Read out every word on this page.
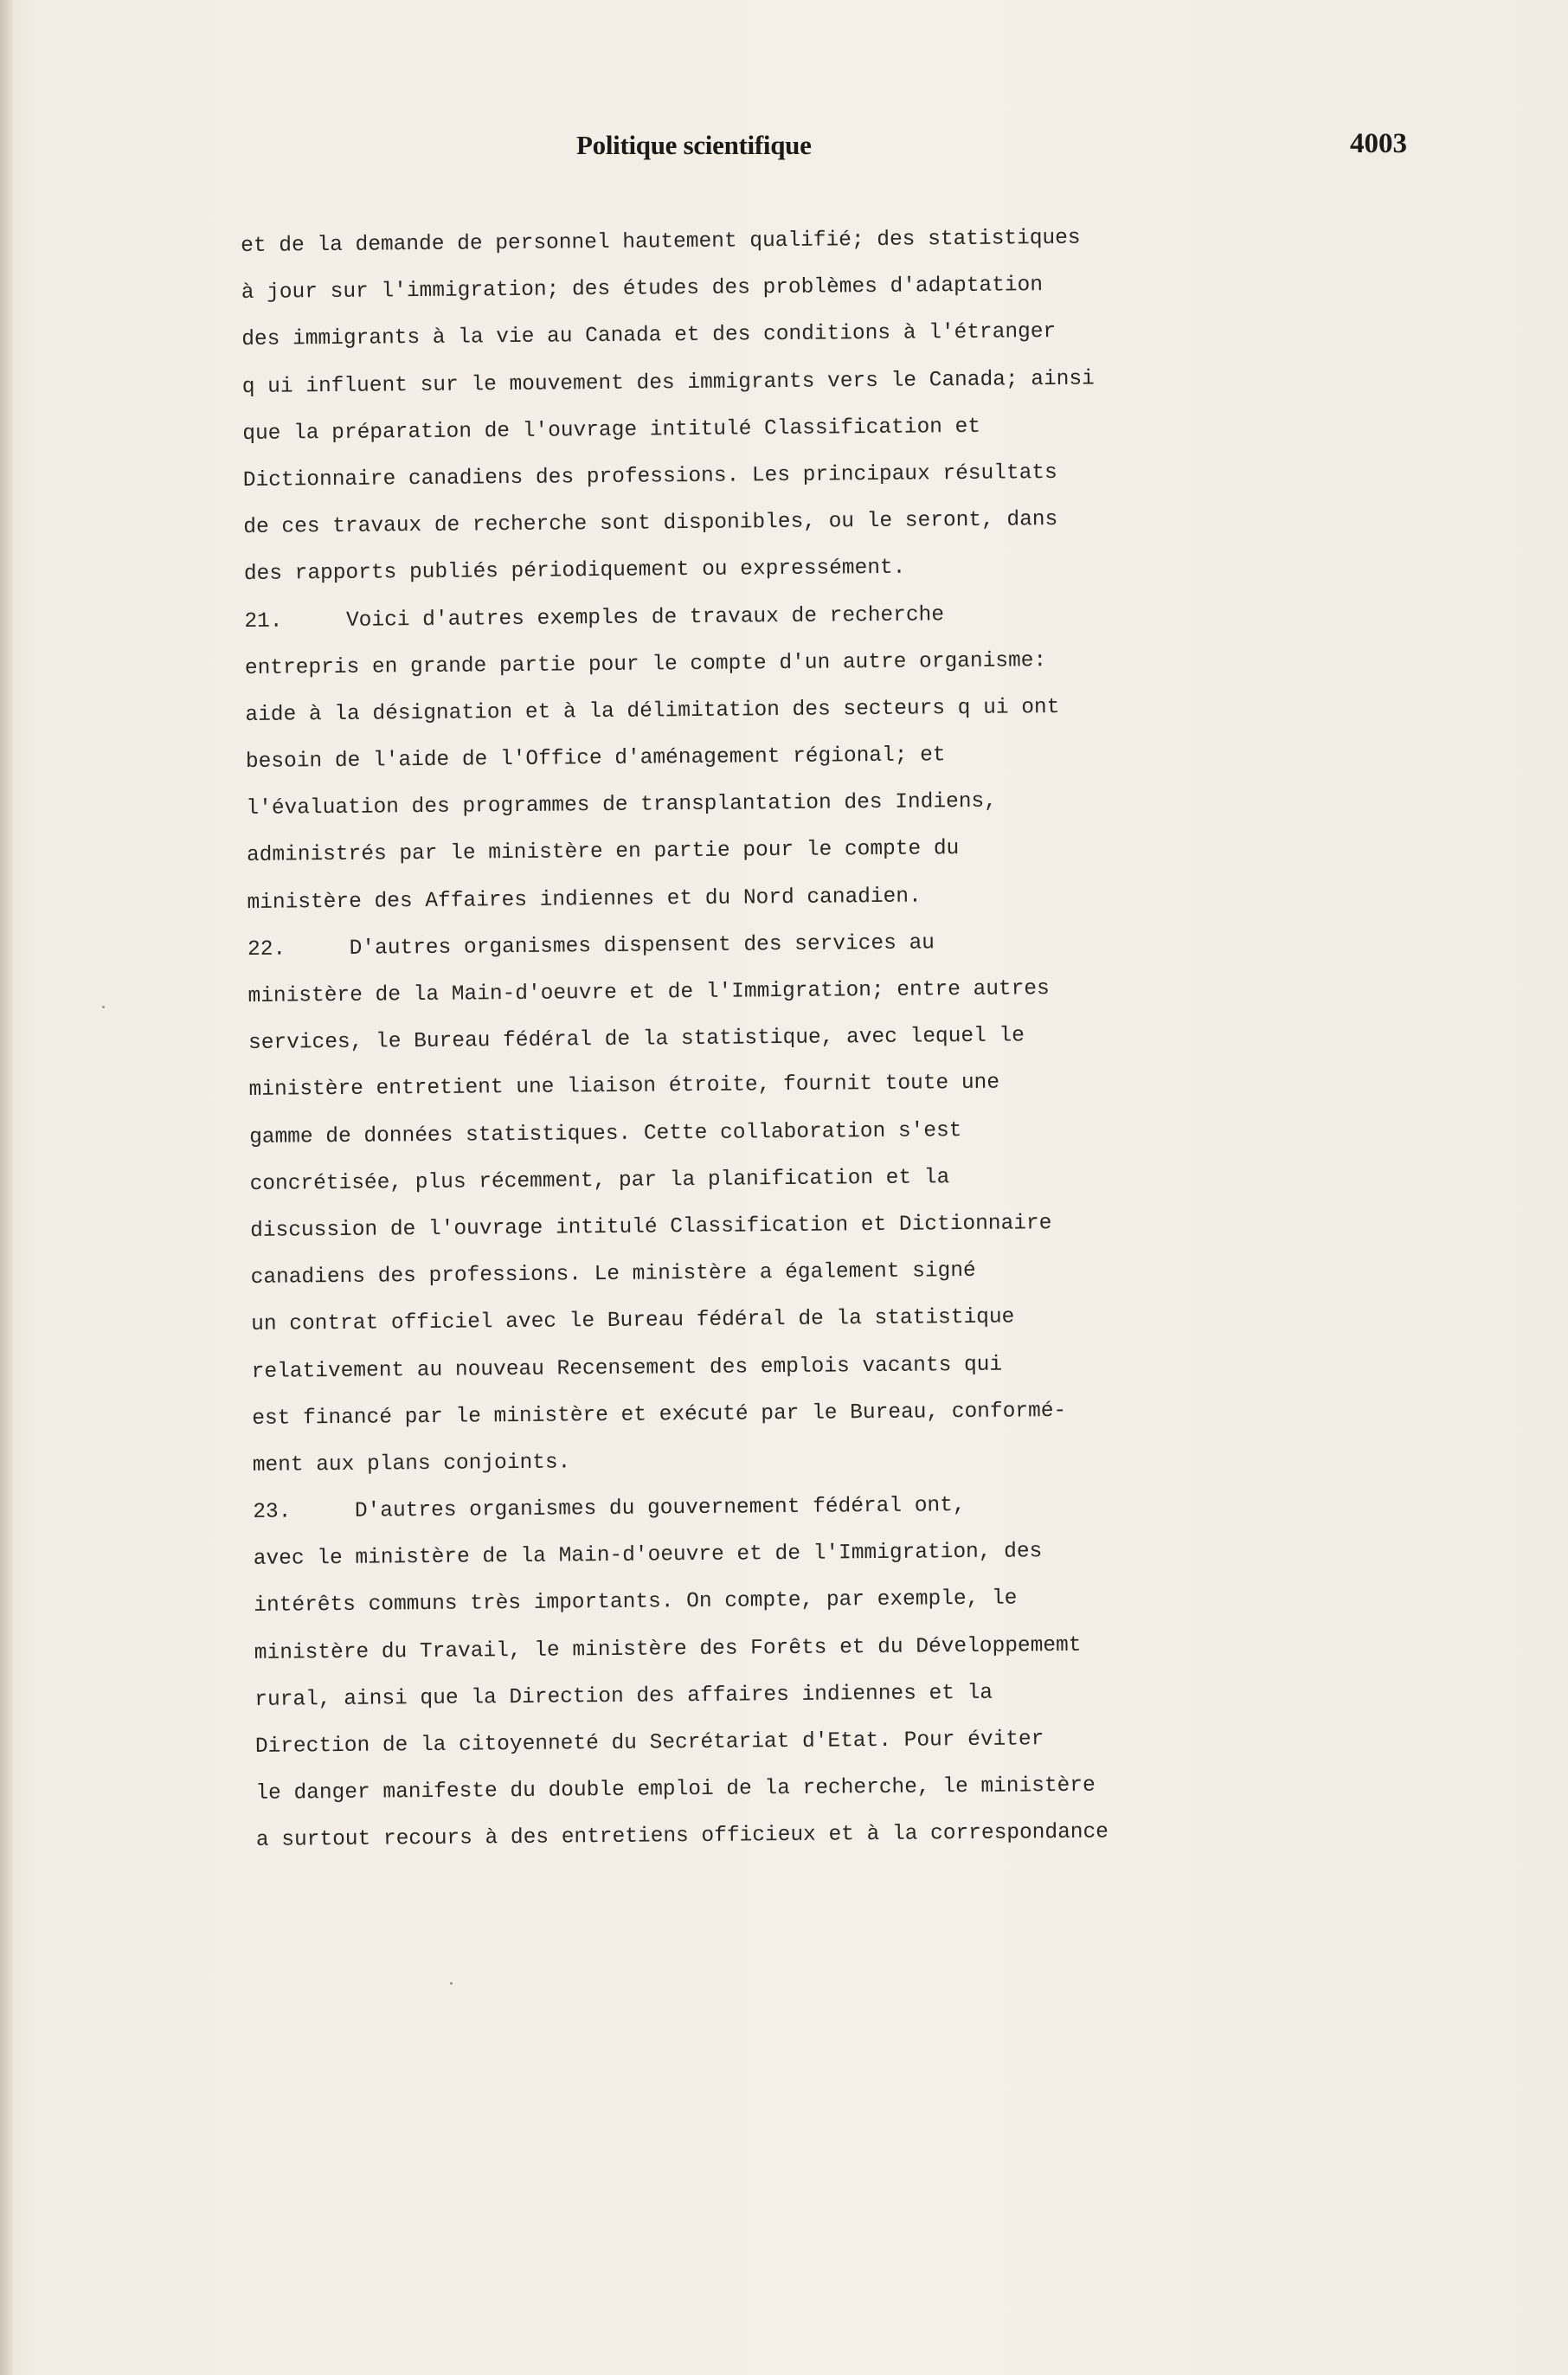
Politique scientifique	4003
et de la demande de personnel hautement qualifié; des statistiques
à jour sur l'immigration; des études des problèmes d'adaptation
des immigrants à la vie au Canada et des conditions à l'étranger
q ui influent sur le mouvement des immigrants vers le Canada; ainsi
que la préparation de l'ouvrage intitulé Classification et
Dictionnaire canadiens des professions. Les principaux résultats
de ces travaux de recherche sont disponibles, ou le seront, dans
des rapports publiés périodiquement ou expressément.
21.     Voici d'autres exemples de travaux de recherche
entrepris en grande partie pour le compte d'un autre organisme:
aide à la désignation et à la délimitation des secteurs q ui ont
besoin de l'aide de l'Office d'aménagement régional; et
l'évaluation des programmes de transplantation des Indiens,
administrés par le ministère en partie pour le compte du
ministère des Affaires indiennes et du Nord canadien.
22.     D'autres organismes dispensent des services au
ministère de la Main-d'oeuvre et de l'Immigration; entre autres
services, le Bureau fédéral de la statistique, avec lequel le
ministère entretient une liaison étroite, fournit toute une
gamme de données statistiques. Cette collaboration s'est
concrétisée, plus récemment, par la planification et la
discussion de l'ouvrage intitulé Classification et Dictionnaire
canadiens des professions. Le ministère a également signé
un contrat officiel avec le Bureau fédéral de la statistique
relativement au nouveau Recensement des emplois vacants qui
est financé par le ministère et exécuté par le Bureau, conformé-
ment aux plans conjoints.
23.     D'autres organismes du gouvernement fédéral ont,
avec le ministère de la Main-d'oeuvre et de l'Immigration, des
intérêts communs très importants. On compte, par exemple, le
ministère du Travail, le ministère des Forêts et du Développememt
rural, ainsi que la Direction des affaires indiennes et la
Direction de la citoyenneté du Secrétariat d'Etat. Pour éviter
le danger manifeste du double emploi de la recherche, le ministère
a surtout recours à des entretiens officieux et à la correspondance
